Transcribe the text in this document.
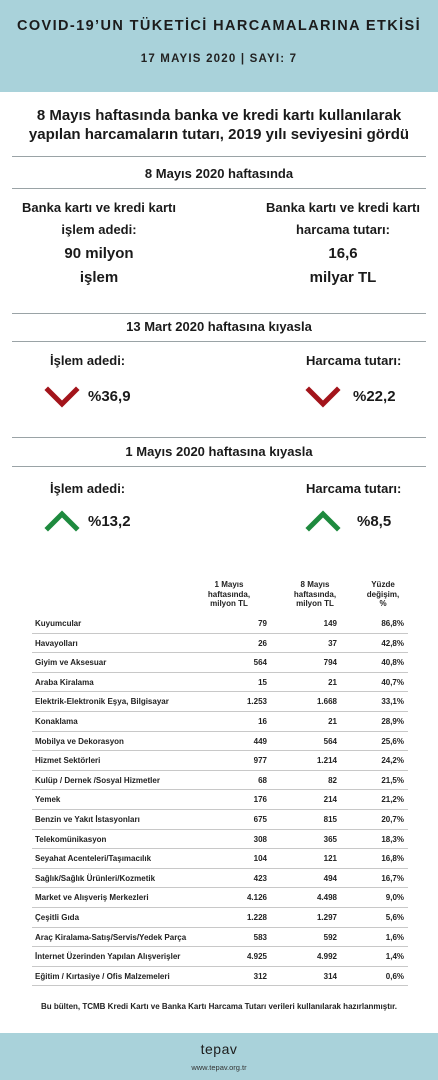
COVID-19’UN TÜKETİCİ HARCAMALARINA ETKİSİ
17 MAYIS 2020 | SAYI: 7
8 Mayıs haftasında banka ve kredi kartı kullanılarak
yapılan harcamaların tutarı, 2019 yılı seviyesini gördü
8 Mayıs 2020 haftasında
Banka kartı ve kredi kartı
işlem adedi:
90 milyon
işlem
Banka kartı ve kredi kartı
harcama tutarı:
16,6
milyar TL
13 Mart 2020 haftasına kıyasla
İşlem adedi:
%36,9
Harcama tutarı:
%22,2
1 Mayıs 2020 haftasına kıyasla
İşlem adedi:
%13,2
Harcama tutarı:
%8,5
1 Mayıs
haftasında,
milyon TL
8 Mayıs
haftasında,
milyon TL
Yüzde
değişim,
%
Kuyumcular	79	149	86,8%
Havayolları	26	37	42,8%
Giyim ve Aksesuar	564	794	40,8%
Araba Kiralama	15	21	40,7%
Elektrik-Elektronik Eşya, Bilgisayar	1.253	1.668	33,1%
Konaklama	16	21	28,9%
Mobilya ve Dekorasyon	449	564	25,6%
Hizmet Sektörleri	977	1.214	24,2%
Kulüp / Dernek /Sosyal Hizmetler	68	82	21,5%
Yemek	176	214	21,2%
Benzin ve Yakıt İstasyonları	675	815	20,7%
Telekomünikasyon	308	365	18,3%
Seyahat Acenteleri/Taşımacılık	104	121	16,8%
Sağlık/Sağlık Ürünleri/Kozmetik	423	494	16,7%
Market ve Alışveriş Merkezleri	4.126	4.498	9,0%
Çeşitli Gıda	1.228	1.297	5,6%
Araç Kiralama-Satış/Servis/Yedek Parça	583	592	1,6%
İnternet Üzerinden Yapılan Alışverişler	4.925	4.992	1,4%
Eğitim / Kırtasiye / Ofis Malzemeleri	312	314	0,6%
Bu bülten, TCMB Kredi Kartı ve Banka Kartı Harcama Tutarı verileri kullanılarak hazırlanmıştır.
tepav
www.tepav.org.tr
